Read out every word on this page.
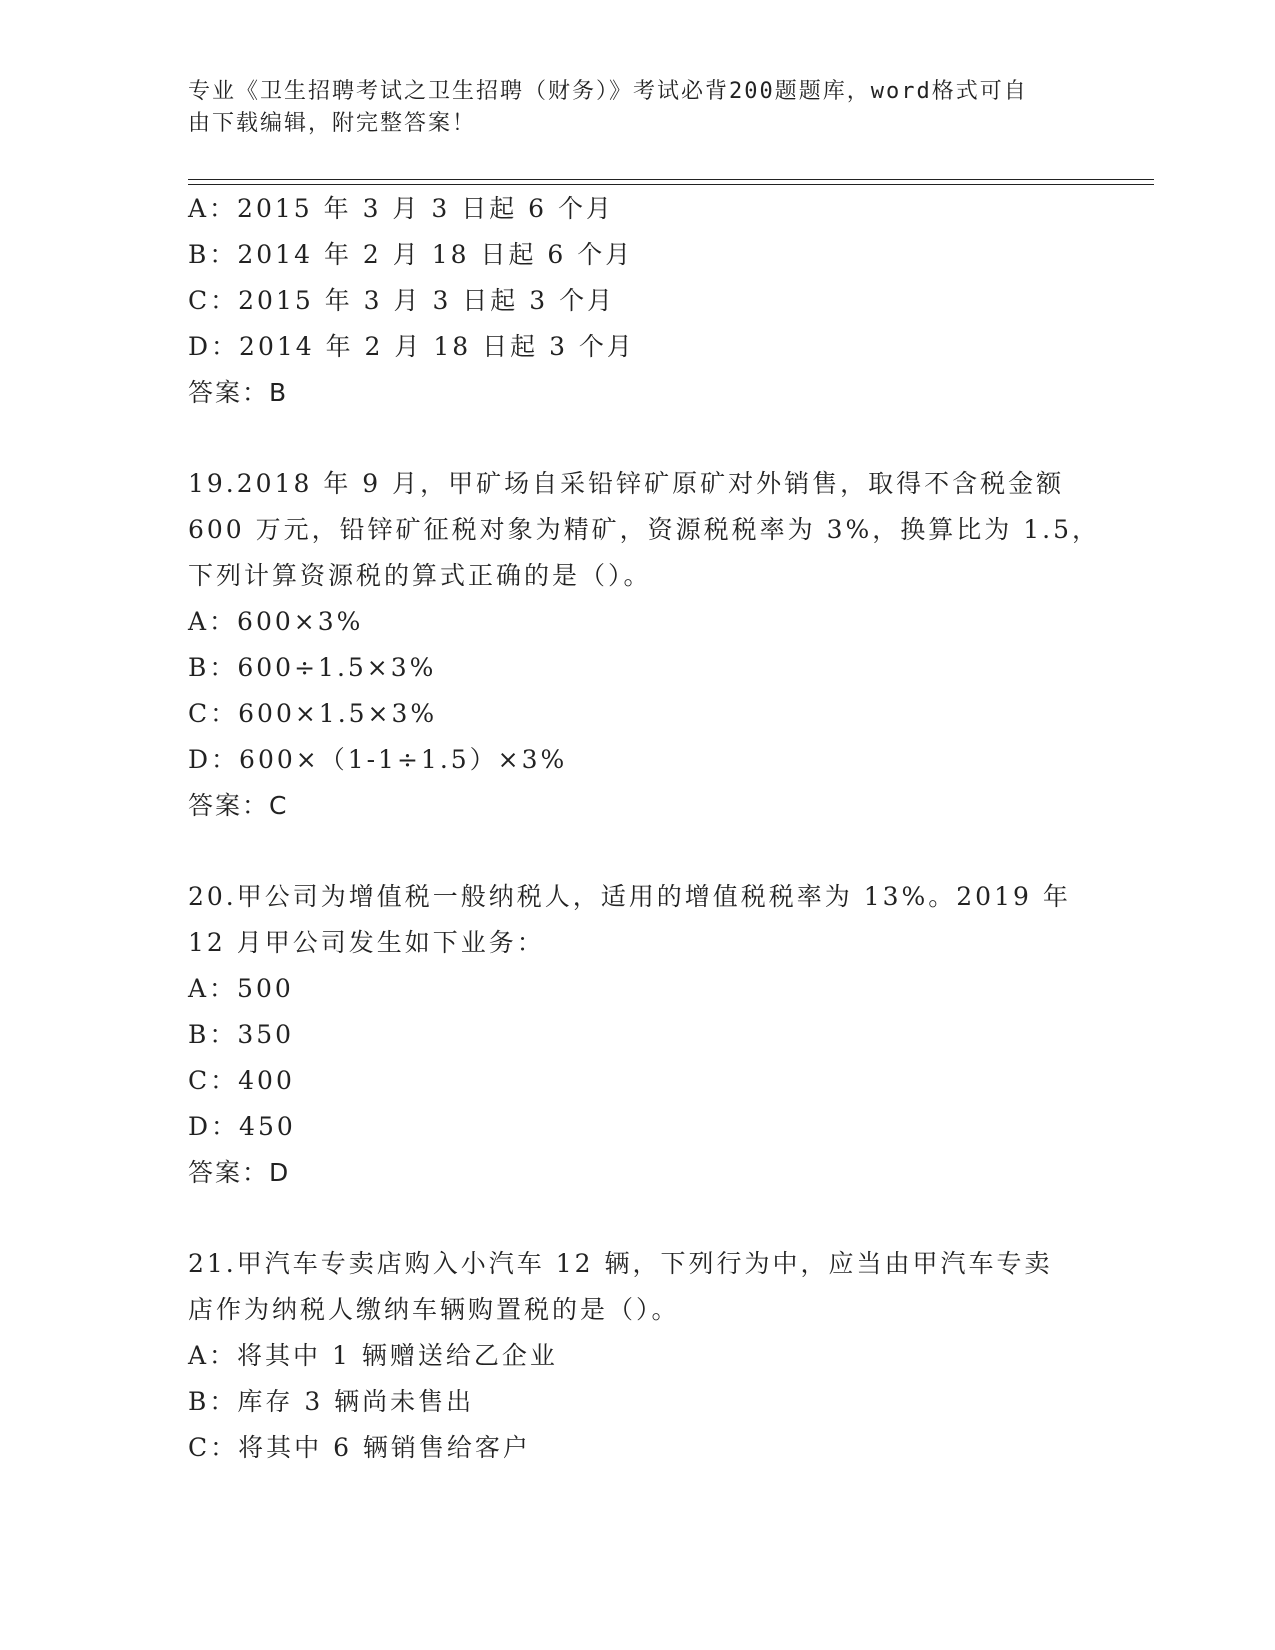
专业《卫生招聘考试之卫生招聘（财务）》考试必背200题题库，word格式可自
由下载编辑，附完整答案！
A：2015 年 3 月 3 日起 6 个月
B：2014 年 2 月 18 日起 6 个月
C：2015 年 3 月 3 日起 3 个月
D：2014 年 2 月 18 日起 3 个月
答案：B
19.2018 年 9 月，甲矿场自采铅锌矿原矿对外销售，取得不含税金额
600 万元，铅锌矿征税对象为精矿，资源税税率为 3%，换算比为 1.5，
下列计算资源税的算式正确的是（）。
A：600×3%
B：600÷1.5×3%
C：600×1.5×3%
D：600×（1-1÷1.5）×3%
答案：C
20.甲公司为增值税一般纳税人，适用的增值税税率为 13%。2019 年
12 月甲公司发生如下业务：
A：500
B：350
C：400
D：450
答案：D
21.甲汽车专卖店购入小汽车 12 辆，下列行为中，应当由甲汽车专卖
店作为纳税人缴纳车辆购置税的是（）。
A：将其中 1 辆赠送给乙企业
B：库存 3 辆尚未售出
C：将其中 6 辆销售给客户
